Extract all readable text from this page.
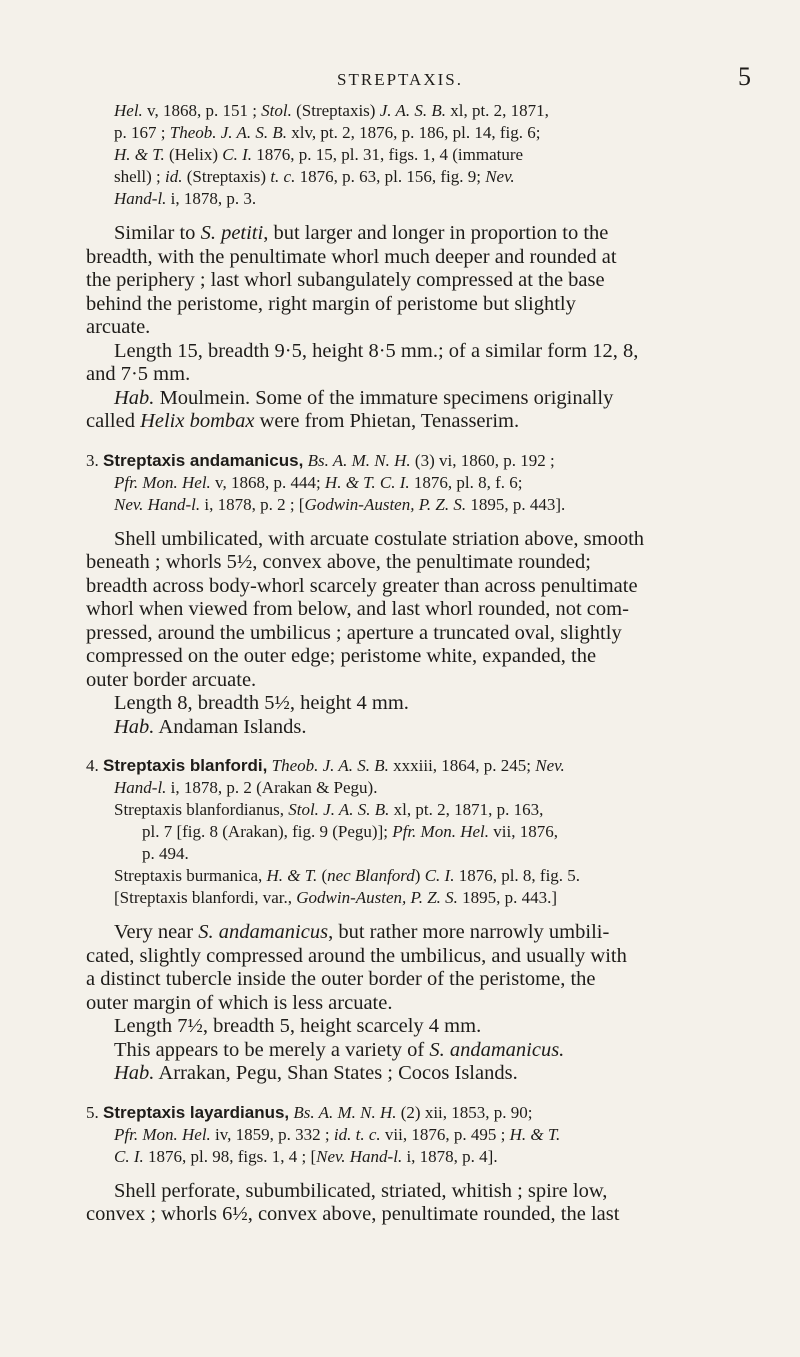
STREPTAXIS.	5
Hel. v, 1868, p. 151 ; Stol. (Streptaxis) J. A. S. B. xl, pt. 2, 1871,
p. 167 ; Theob. J. A. S. B. xlv, pt. 2, 1876, p. 186, pl. 14, fig. 6;
H. & T. (Helix) C. I. 1876, p. 15, pl. 31, figs. 1, 4 (immature
shell) ; id. (Streptaxis) t. c. 1876, p. 63, pl. 156, fig. 9; Nev.
Hand-l. i, 1878, p. 3.
Similar to S. petiti, but larger and longer in proportion to the
breadth, with the penultimate whorl much deeper and rounded at
the periphery ; last whorl subangulately compressed at the base
behind the peristome, right margin of peristome but slightly
arcuate.
Length 15, breadth 9·5, height 8·5 mm.; of a similar form 12, 8,
and 7·5 mm.
Hab. Moulmein. Some of the immature specimens originally
called Helix bombax were from Phietan, Tenasserim.
3. Streptaxis andamanicus, Bs. A. M. N. H. (3) vi, 1860, p. 192 ;
Pfr. Mon. Hel. v, 1868, p. 444; H. & T. C. I. 1876, pl. 8, f. 6;
Nev. Hand-l. i, 1878, p. 2 ; [Godwin-Austen, P. Z. S. 1895, p. 443].
Shell umbilicated, with arcuate costulate striation above, smooth
beneath ; whorls 5½, convex above, the penultimate rounded;
breadth across body-whorl scarcely greater than across penultimate
whorl when viewed from below, and last whorl rounded, not com-
pressed, around the umbilicus ; aperture a truncated oval, slightly
compressed on the outer edge; peristome white, expanded, the
outer border arcuate.
Length 8, breadth 5½, height 4 mm.
Hab. Andaman Islands.
4. Streptaxis blanfordi, Theob. J. A. S. B. xxxiii, 1864, p. 245; Nev.
Hand-l. i, 1878, p. 2 (Arakan & Pegu).
Streptaxis blanfordianus, Stol. J. A. S. B. xl, pt. 2, 1871, p. 163,
pl. 7 [fig. 8 (Arakan), fig. 9 (Pegu)]; Pfr. Mon. Hel. vii, 1876,
p. 494.
Streptaxis burmanica, H. & T. (nec Blanford) C. I. 1876, pl. 8, fig. 5.
[Streptaxis blanfordi, var., Godwin-Austen, P. Z. S. 1895, p. 443.]
Very near S. andamanicus, but rather more narrowly umbili-
cated, slightly compressed around the umbilicus, and usually with
a distinct tubercle inside the outer border of the peristome, the
outer margin of which is less arcuate.
Length 7½, breadth 5, height scarcely 4 mm.
This appears to be merely a variety of S. andamanicus.
Hab. Arrakan, Pegu, Shan States ; Cocos Islands.
5. Streptaxis layardianus, Bs. A. M. N. H. (2) xii, 1853, p. 90;
Pfr. Mon. Hel. iv, 1859, p. 332 ; id. t. c. vii, 1876, p. 495 ; H. & T.
C. I. 1876, pl. 98, figs. 1, 4 ; [Nev. Hand-l. i, 1878, p. 4].
Shell perforate, subumbilicated, striated, whitish ; spire low,
convex ; whorls 6½, convex above, penultimate rounded, the last
